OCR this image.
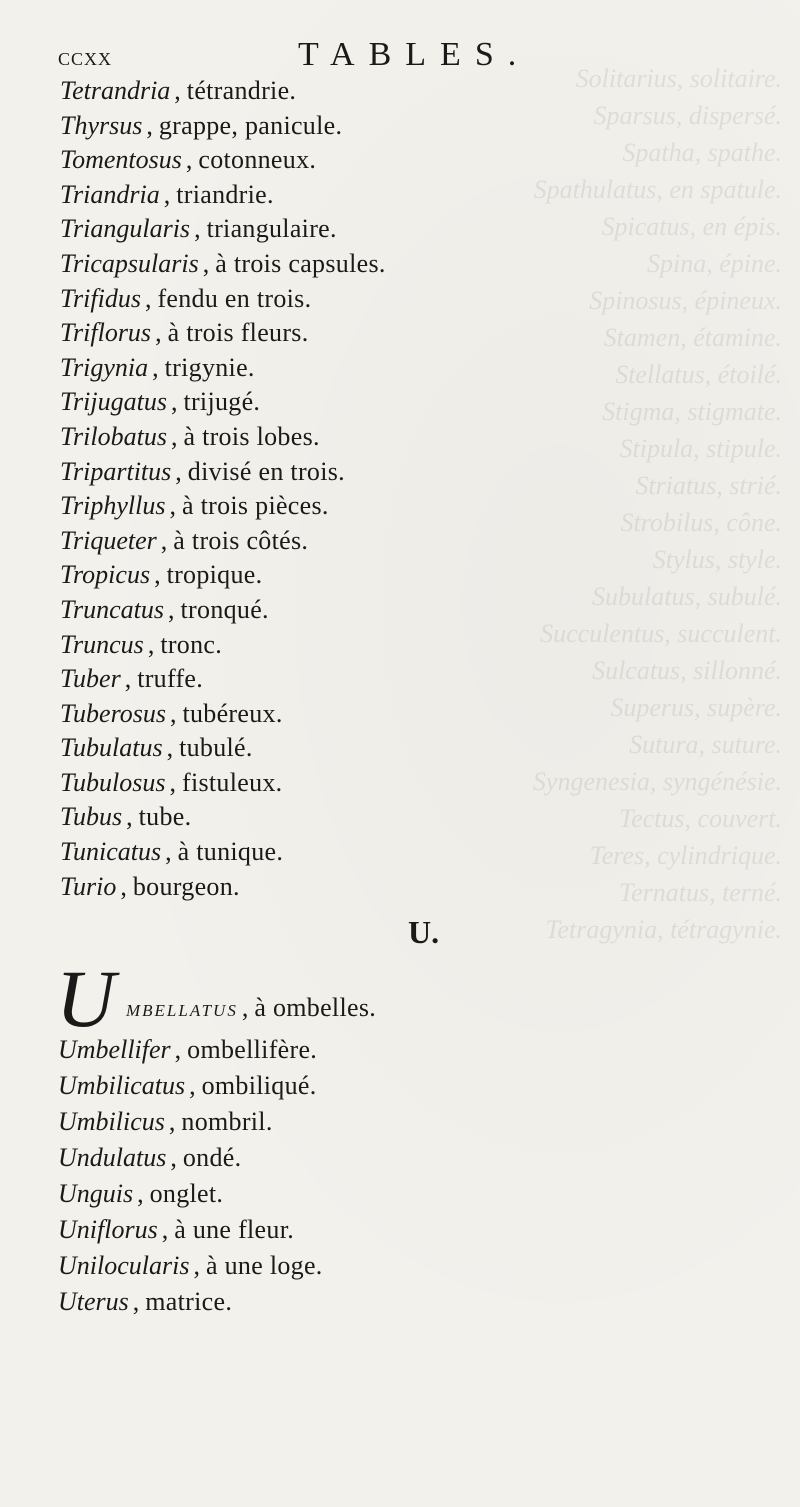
Solitarius, solitaire.
Sparsus, dispersé.
Spatha, spathe.
Spathulatus, en spatule.
Spicatus, en épis.
Spina, épine.
Spinosus, épineux.
Stamen, étamine.
Stellatus, étoilé.
Stigma, stigmate.
Stipula, stipule.
Striatus, strié.
Strobilus, cône.
Stylus, style.
Subulatus, subulé.
Succulentus, succulent.
Sulcatus, sillonné.
Superus, supère.
Sutura, suture.
Syngenesia, syngénésie.
Tectus, couvert.
Teres, cylindrique.
Ternatus, terné.
Tetragynia, tétragynie.
ccxx	TABLES.
Tetrandria , tétrandrie.
Thyrsus , grappe, panicule.
Tomentosus , cotonneux.
Triandria , triandrie.
Triangularis , triangulaire.
Tricapsularis , à trois capsules.
Trifidus , fendu en trois.
Triflorus , à trois fleurs.
Trigynia , trigynie.
Trijugatus , trijugé.
Trilobatus , à trois lobes.
Tripartitus , divisé en trois.
Triphyllus , à trois pièces.
Triqueter , à trois côtés.
Tropicus , tropique.
Truncatus , tronqué.
Truncus , tronc.
Tuber , truffe.
Tuberosus , tubéreux.
Tubulatus , tubulé.
Tubulosus , fistuleux.
Tubus , tube.
Tunicatus , à tunique.
Turio , bourgeon.
U.
U MBELLATUS , à ombelles.
Umbellifer , ombellifère.
Umbilicatus , ombiliqué.
Umbilicus , nombril.
Undulatus , ondé.
Unguis , onglet.
Uniflorus , à une fleur.
Unilocularis , à une loge.
Uterus , matrice.
